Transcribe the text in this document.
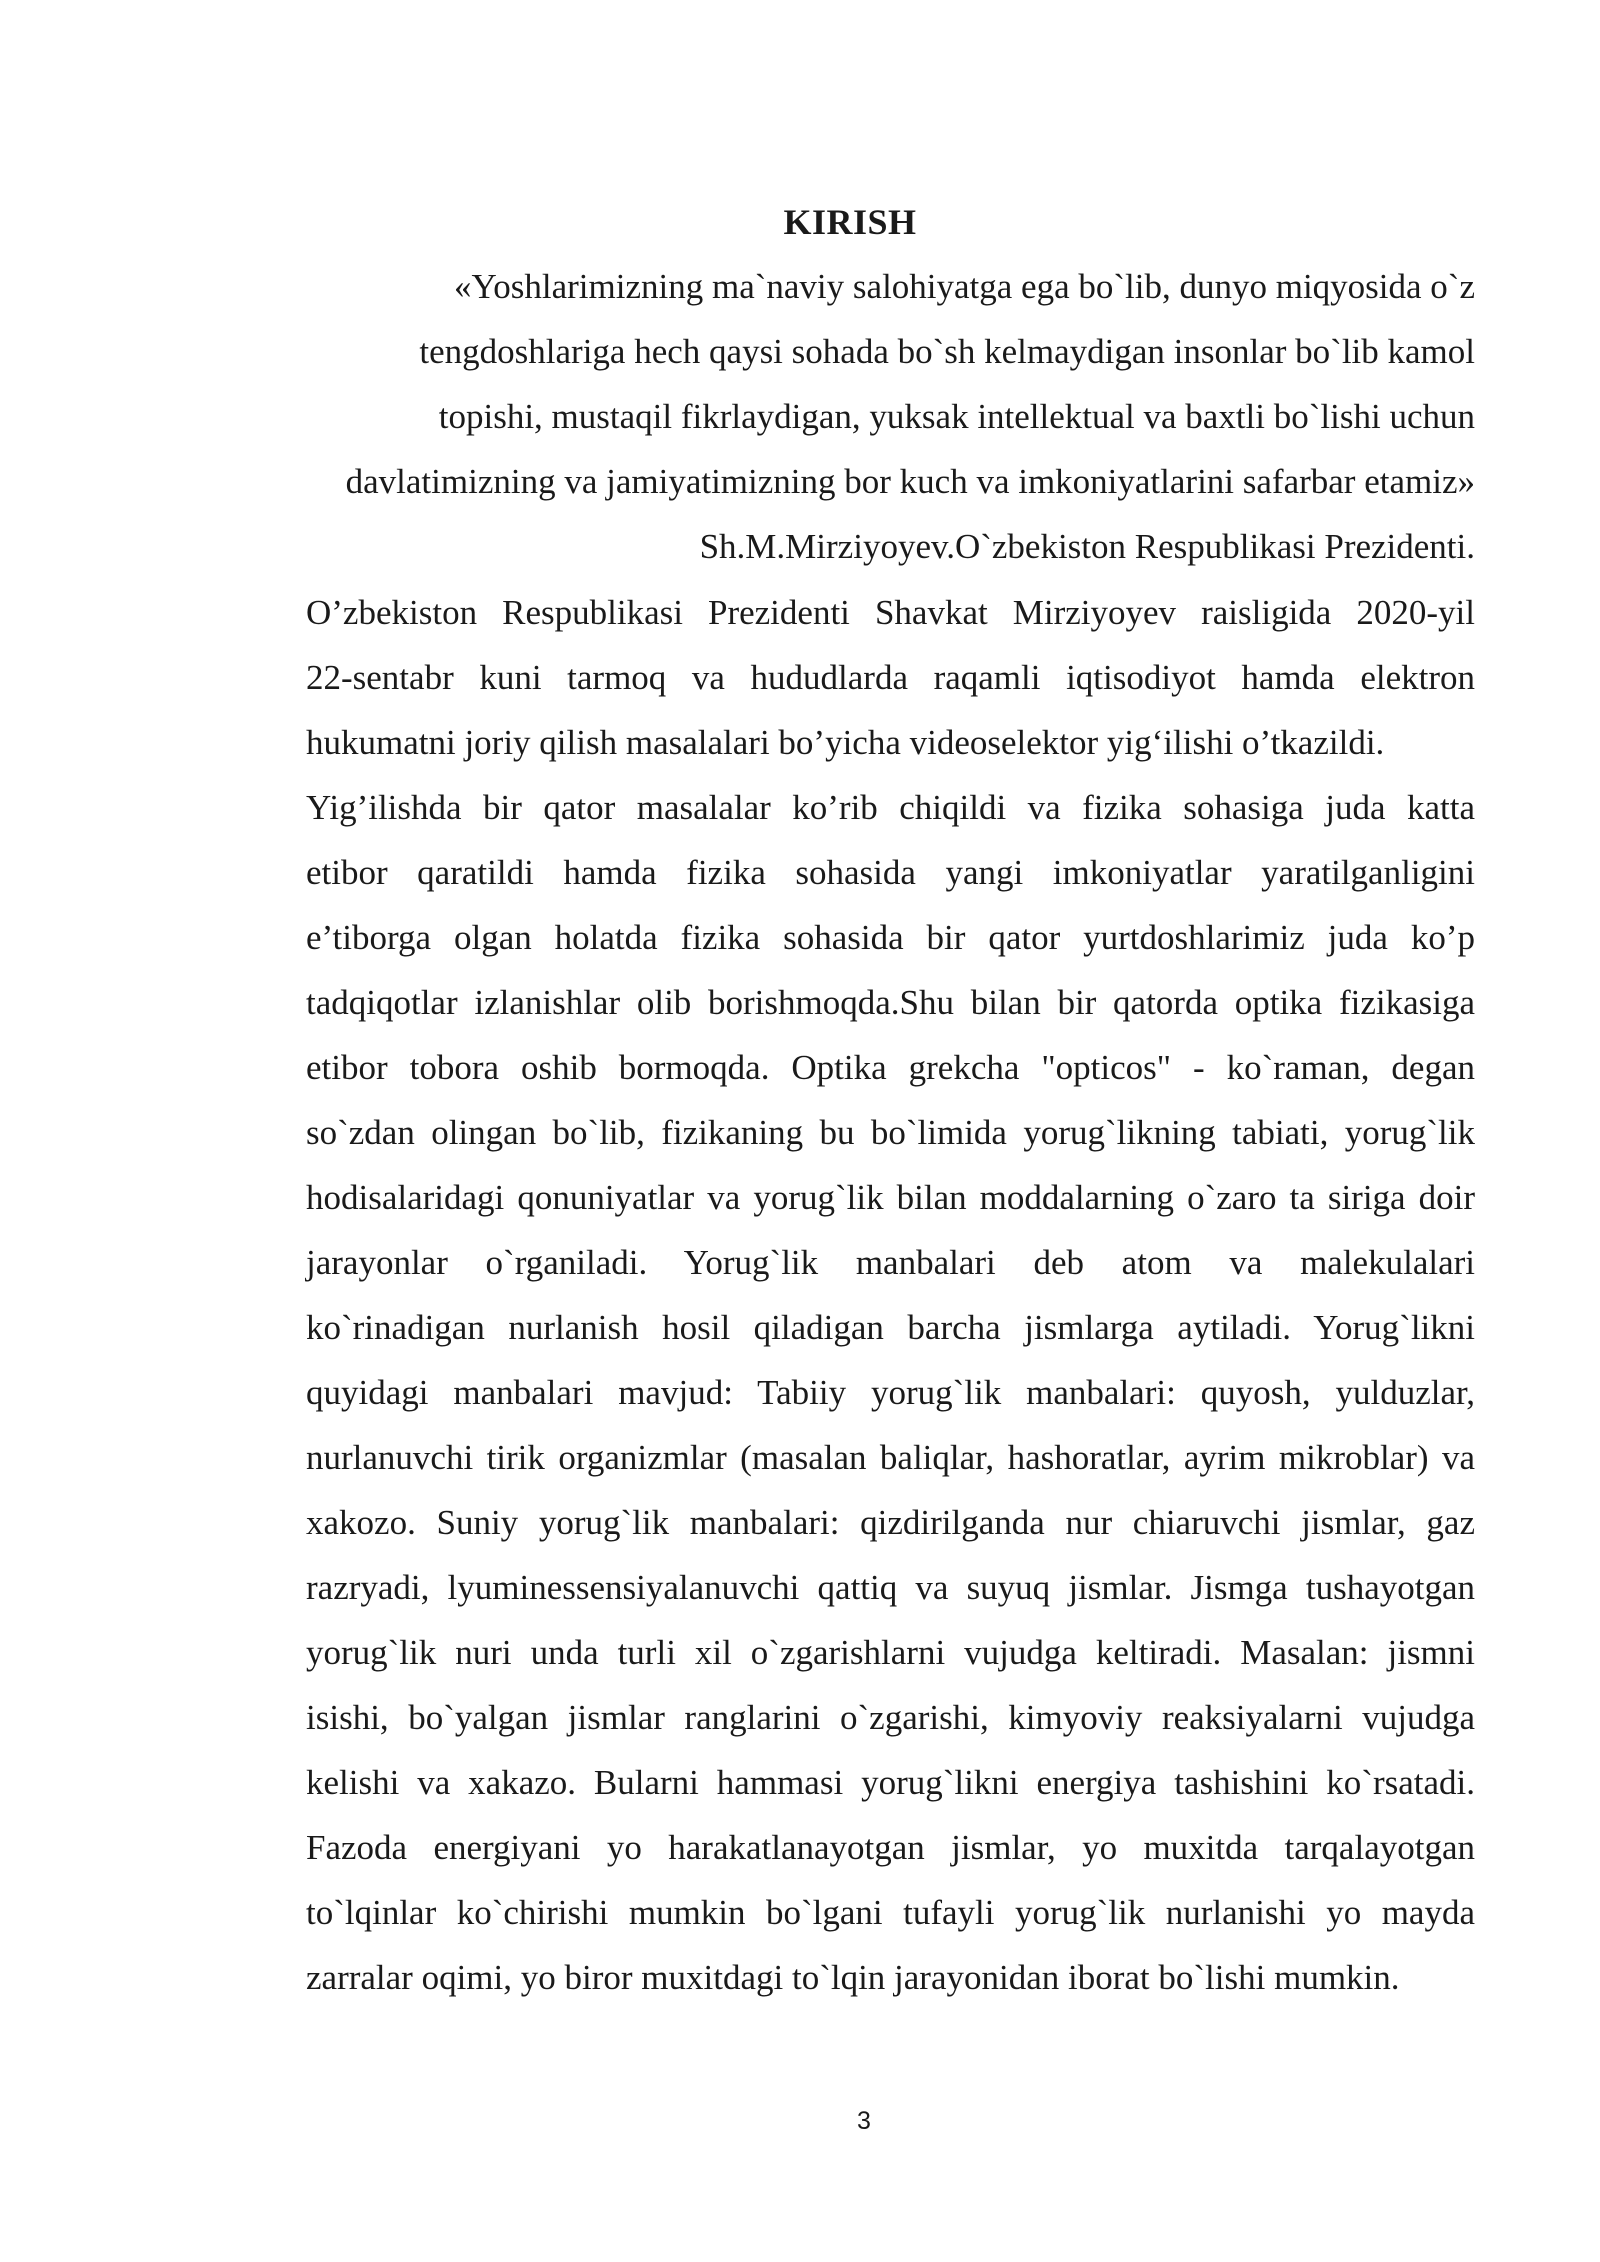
KIRISH
«Yoshlarimizning ma`naviy salohiyatga ega bo`lib, dunyo miqyosida o`z
tengdoshlariga hech qaysi sohada bo`sh kelmaydigan insonlar bo`lib kamol
topishi, mustaqil fikrlaydigan, yuksak intellektual va baxtli bo`lishi uchun
davlatimizning va jamiyatimizning bor kuch va imkoniyatlarini safarbar etamiz»
Sh.M.Mirziyoyev.O`zbekiston Respublikasi Prezidenti.

O’zbekiston Respublikasi Prezidenti Shavkat Mirziyoyev raisligida 2020-yil
22-sentabr kuni tarmoq va hududlarda raqamli iqtisodiyot hamda elektron
hukumatni joriy qilish masalalari bo’yicha videoselektor yig‘ilishi o’tkazildi.

Yig’ilishda bir qator masalalar ko’rib chiqildi va fizika sohasiga juda katta
etibor qaratildi hamda fizika sohasida yangi imkoniyatlar yaratilganligini
e’tiborga olgan holatda fizika sohasida bir qator yurtdoshlarimiz juda ko’p
tadqiqotlar izlanishlar olib borishmoqda.Shu bilan bir qatorda optika fizikasiga
etibor tobora oshib bormoqda. Optika grekcha "opticos" - ko`raman, degan
so`zdan olingan bo`lib, fizikaning bu bo`limida yorug`likning tabiati, yorug`lik
hodisalaridagi qonuniyatlar va yorug`lik bilan moddalarning o`zaro ta siriga doir
jarayonlar o`rganiladi. Yorug`lik manbalari deb atom va malekulalari
ko`rinadigan nurlanish hosil qiladigan barcha jismlarga aytiladi. Yorug`likni
quyidagi manbalari mavjud: Tabiiy yorug`lik manbalari: quyosh, yulduzlar,
nurlanuvchi tirik organizmlar (masalan baliqlar, hashoratlar, ayrim mikroblar) va
xakozo. Suniy yorug`lik manbalari: qizdirilganda nur chiaruvchi jismlar, gaz
razryadi, lyuminessensiyalanuvchi qattiq va suyuq jismlar. Jismga tushayotgan
yorug`lik nuri unda turli xil o`zgarishlarni vujudga keltiradi. Masalan: jismni
isishi, bo`yalgan jismlar ranglarini o`zgarishi, kimyoviy reaksiyalarni vujudga
kelishi va xakazo. Bularni hammasi yorug`likni energiya tashishini ko`rsatadi.
Fazoda energiyani yo harakatlanayotgan jismlar, yo muxitda tarqalayotgan
to`lqinlar ko`chirishi mumkin bo`lgani tufayli yorug`lik nurlanishi yo mayda
zarralar oqimi, yo biror muxitdagi to`lqin jarayonidan iborat bo`lishi mumkin.

3
